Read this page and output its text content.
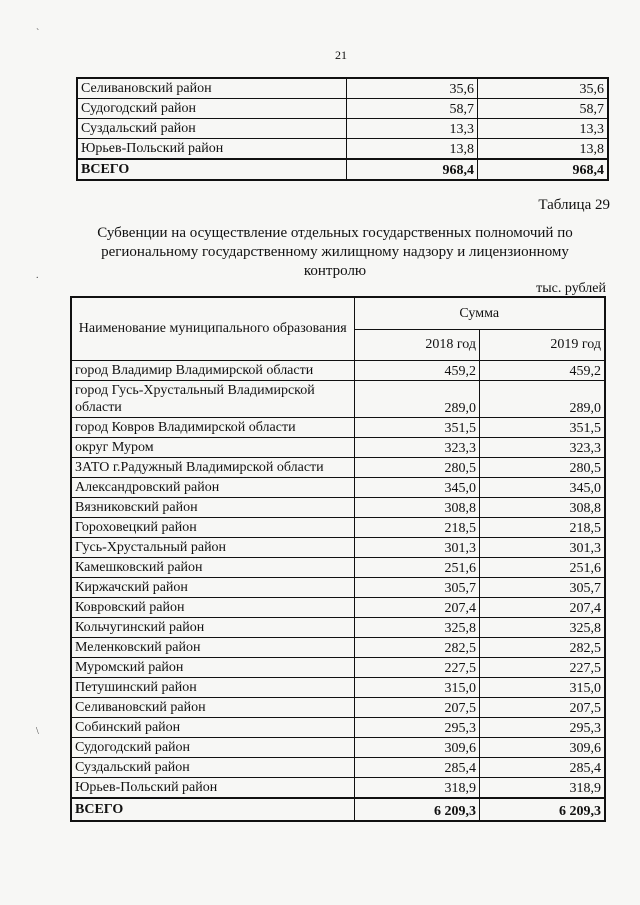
21
Селивановский район	35,6	35,6
Судогодский район	58,7	58,7
Суздальский район	13,3	13,3
Юрьев-Польский район	13,8	13,8
ВСЕГО	968,4	968,4
Таблица 29
Субвенции на осуществление отдельных государственных полномочий по региональному государственному жилищному надзору и лицензионному контролю
тыс. рублей
Наименование муниципального образования	Сумма	
	2018 год	2019 год
город Владимир Владимирской области	459,2	459,2
город Гусь-Хрустальный Владимирской области	289,0	289,0
город Ковров Владимирской области	351,5	351,5
округ Муром	323,3	323,3
ЗАТО г.Радужный Владимирской области	280,5	280,5
Александровский район	345,0	345,0
Вязниковский район	308,8	308,8
Гороховецкий район	218,5	218,5
Гусь-Хрустальный район	301,3	301,3
Камешковский район	251,6	251,6
Киржачский район	305,7	305,7
Ковровский район	207,4	207,4
Кольчугинский район	325,8	325,8
Меленковский район	282,5	282,5
Муромский район	227,5	227,5
Петушинский район	315,0	315,0
Селивановский район	207,5	207,5
Собинский район	295,3	295,3
Судогодский район	309,6	309,6
Суздальский район	285,4	285,4
Юрьев-Польский район	318,9	318,9
ВСЕГО	6 209,3	6 209,3
`
.
\
